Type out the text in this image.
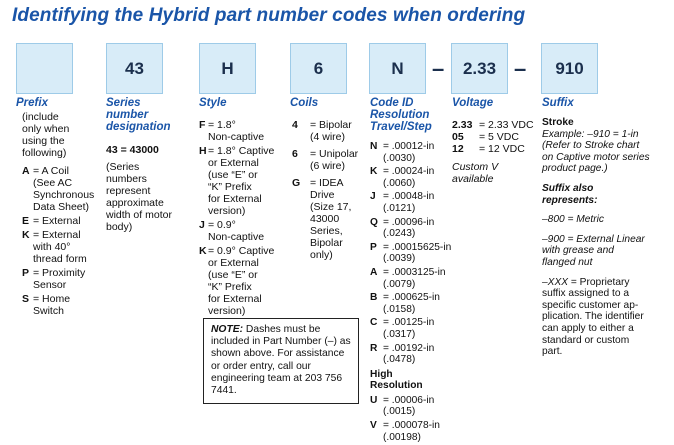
Identifying the Hybrid part number codes when ordering
43	H	6	N	–	2.33 –	910
Prefix
(include
only when
using the
following)
A = A Coil
(See AC
Synchronous
Data Sheet)
E = External
K = External
with 40°
thread form
P = Proximity
Sensor
S = Home
Switch
Series
number
designation
43 = 43000
(Series
numbers
represent
approximate
width of motor
body)
Style
F = 1.8°
Non-captive
H = 1.8° Captive
or External
(use “E” or
“K” Prefix
for External
version)
J = 0.9°
Non-captive
K = 0.9° Captive
or External
(use “E” or
“K” Prefix
for External
version)
Coils
4	= Bipolar
(4 wire)
6	= Unipolar
(6 wire)
G = IDEA
Drive
(Size 17,
43000
Series,
Bipolar
only)
Code ID
Resolution
Travel/Step
N = .00012-in
(.0030)
K = .00024-in
(.0060)
J = .00048-in
(.0121)
Q = .00096-in
(.0243)
P = .00015625-in
(.0039)
A = .0003125-in
(.0079)
B = .000625-in
(.0158)
C = .00125-in
(.0317)
R = .00192-in
(.0478)
High
Resolution
U = .00006-in
(.0015)
V = .000078-in
(.00198)
Voltage
2.33 = 2.33 VDC
05	= 5 VDC
12	= 12 VDC
Custom V
available
Suffix
Stroke
Example: –910 = 1-in
(Refer to Stroke chart
on Captive motor series
product page.)
Suffix also
represents:
–800 = Metric
–900 = External Linear
with grease and
flanged nut
–XXX = Proprietary
suffix assigned to a
specific customer ap-
plication. The identifier
can apply to either a
standard or custom
part.
NOTE: Dashes must be included in Part Number (–) as shown above. For assistance or order entry, call our engineering team at 203 756 7441.
